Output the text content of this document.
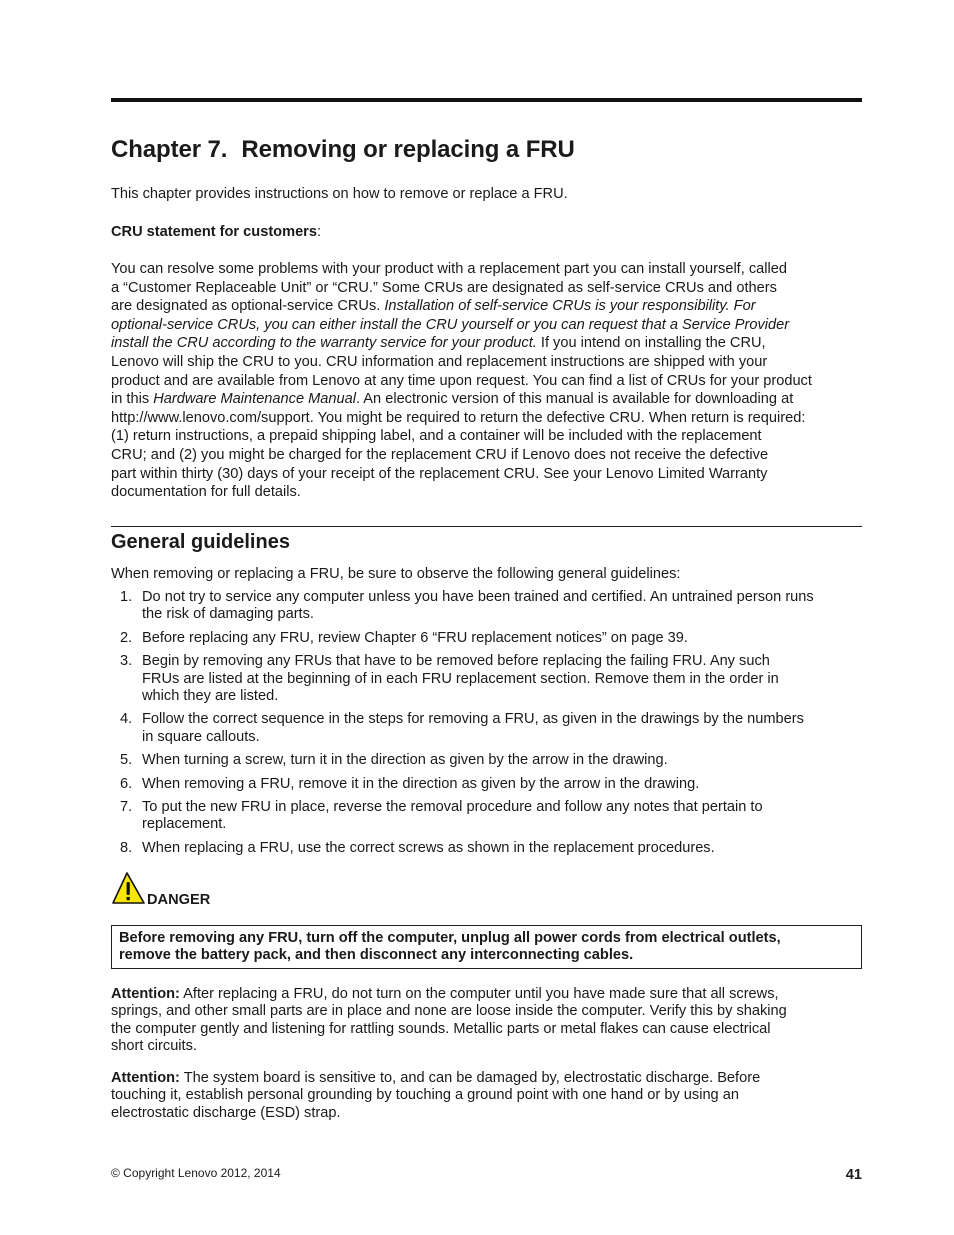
Chapter 7. Removing or replacing a FRU

This chapter provides instructions on how to remove or replace a FRU.

CRU statement for customers:

You can resolve some problems with your product with a replacement part you can install yourself, called
a “Customer Replaceable Unit” or “CRU.” Some CRUs are designated as self-service CRUs and others
are designated as optional-service CRUs. Installation of self-service CRUs is your responsibility. For
optional-service CRUs, you can either install the CRU yourself or you can request that a Service Provider
install the CRU according to the warranty service for your product. If you intend on installing the CRU,
Lenovo will ship the CRU to you. CRU information and replacement instructions are shipped with your
product and are available from Lenovo at any time upon request. You can find a list of CRUs for your product
in this Hardware Maintenance Manual. An electronic version of this manual is available for downloading at
http://www.lenovo.com/support. You might be required to return the defective CRU. When return is required:
(1) return instructions, a prepaid shipping label, and a container will be included with the replacement
CRU; and (2) you might be charged for the replacement CRU if Lenovo does not receive the defective
part within thirty (30) days of your receipt of the replacement CRU. See your Lenovo Limited Warranty
documentation for full details.
General guidelines

When removing or replacing a FRU, be sure to observe the following general guidelines:

1. Do not try to service any computer unless you have been trained and certified. An untrained person runs
the risk of damaging parts.
2. Before replacing any FRU, review Chapter 6 “FRU replacement notices” on page 39.
3. Begin by removing any FRUs that have to be removed before replacing the failing FRU. Any such
FRUs are listed at the beginning of in each FRU replacement section. Remove them in the order in
which they are listed.
4. Follow the correct sequence in the steps for removing a FRU, as given in the drawings by the numbers
in square callouts.
5. When turning a screw, turn it in the direction as given by the arrow in the drawing.
6. When removing a FRU, remove it in the direction as given by the arrow in the drawing.
7. To put the new FRU in place, reverse the removal procedure and follow any notes that pertain to
replacement.
8. When replacing a FRU, use the correct screws as shown in the replacement procedures.
DANGER
Before removing any FRU, turn off the computer, unplug all power cords from electrical outlets,
remove the battery pack, and then disconnect any interconnecting cables.
Attention: After replacing a FRU, do not turn on the computer until you have made sure that all screws,
springs, and other small parts are in place and none are loose inside the computer. Verify this by shaking
the computer gently and listening for rattling sounds. Metallic parts or metal flakes can cause electrical
short circuits.
Attention: The system board is sensitive to, and can be damaged by, electrostatic discharge. Before
touching it, establish personal grounding by touching a ground point with one hand or by using an
electrostatic discharge (ESD) strap.
© Copyright Lenovo 2012, 2014	41
